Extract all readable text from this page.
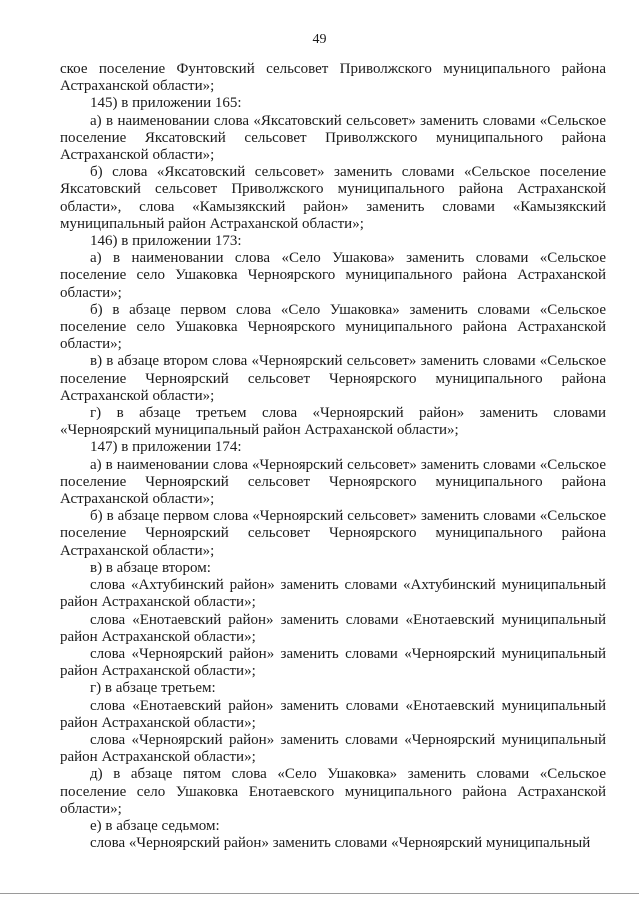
49

ское поселение Фунтовский сельсовет Приволжского муниципального района Астраханской области»;

145) в приложении 165:

а) в наименовании слова «Яксатовский сельсовет» заменить словами «Сельское поселение Яксатовский сельсовет Приволжского муниципального района Астраханской области»;

б) слова «Яксатовский сельсовет» заменить словами «Сельское поселение Яксатовский сельсовет Приволжского муниципального района Астраханской области», слова «Камызякский район» заменить словами «Камызякский муниципальный район Астраханской области»;

146) в приложении 173:

а) в наименовании слова «Село Ушакова» заменить словами «Сельское поселение село Ушаковка Черноярского муниципального района Астраханской области»;

б) в абзаце первом слова «Село Ушаковка» заменить словами «Сельское поселение село Ушаковка Черноярского муниципального района Астраханской области»;

в) в абзаце втором слова «Черноярский сельсовет» заменить словами «Сельское поселение Черноярский сельсовет Черноярского муниципального района Астраханской области»;

г) в абзаце третьем слова «Черноярский район» заменить словами «Черноярский муниципальный район Астраханской области»;

147) в приложении 174:

а) в наименовании слова «Черноярский сельсовет» заменить словами «Сельское поселение Черноярский сельсовет Черноярского муниципального района Астраханской области»;

б) в абзаце первом слова «Черноярский сельсовет» заменить словами «Сельское поселение Черноярский сельсовет Черноярского муниципального района Астраханской области»;

в) в абзаце втором:

слова «Ахтубинский район» заменить словами «Ахтубинский муниципальный район Астраханской области»;

слова «Енотаевский район» заменить словами «Енотаевский муниципальный район Астраханской области»;

слова «Черноярский район» заменить словами «Черноярский муниципальный район Астраханской области»;

г) в абзаце третьем:

слова «Енотаевский район» заменить словами «Енотаевский муниципальный район Астраханской области»;

слова «Черноярский район» заменить словами «Черноярский муниципальный район Астраханской области»;

д) в абзаце пятом слова «Село Ушаковка» заменить словами «Сельское поселение село Ушаковка Енотаевского муниципального района Астраханской области»;

е) в абзаце седьмом:

слова «Черноярский район» заменить словами «Черноярский муниципальный
